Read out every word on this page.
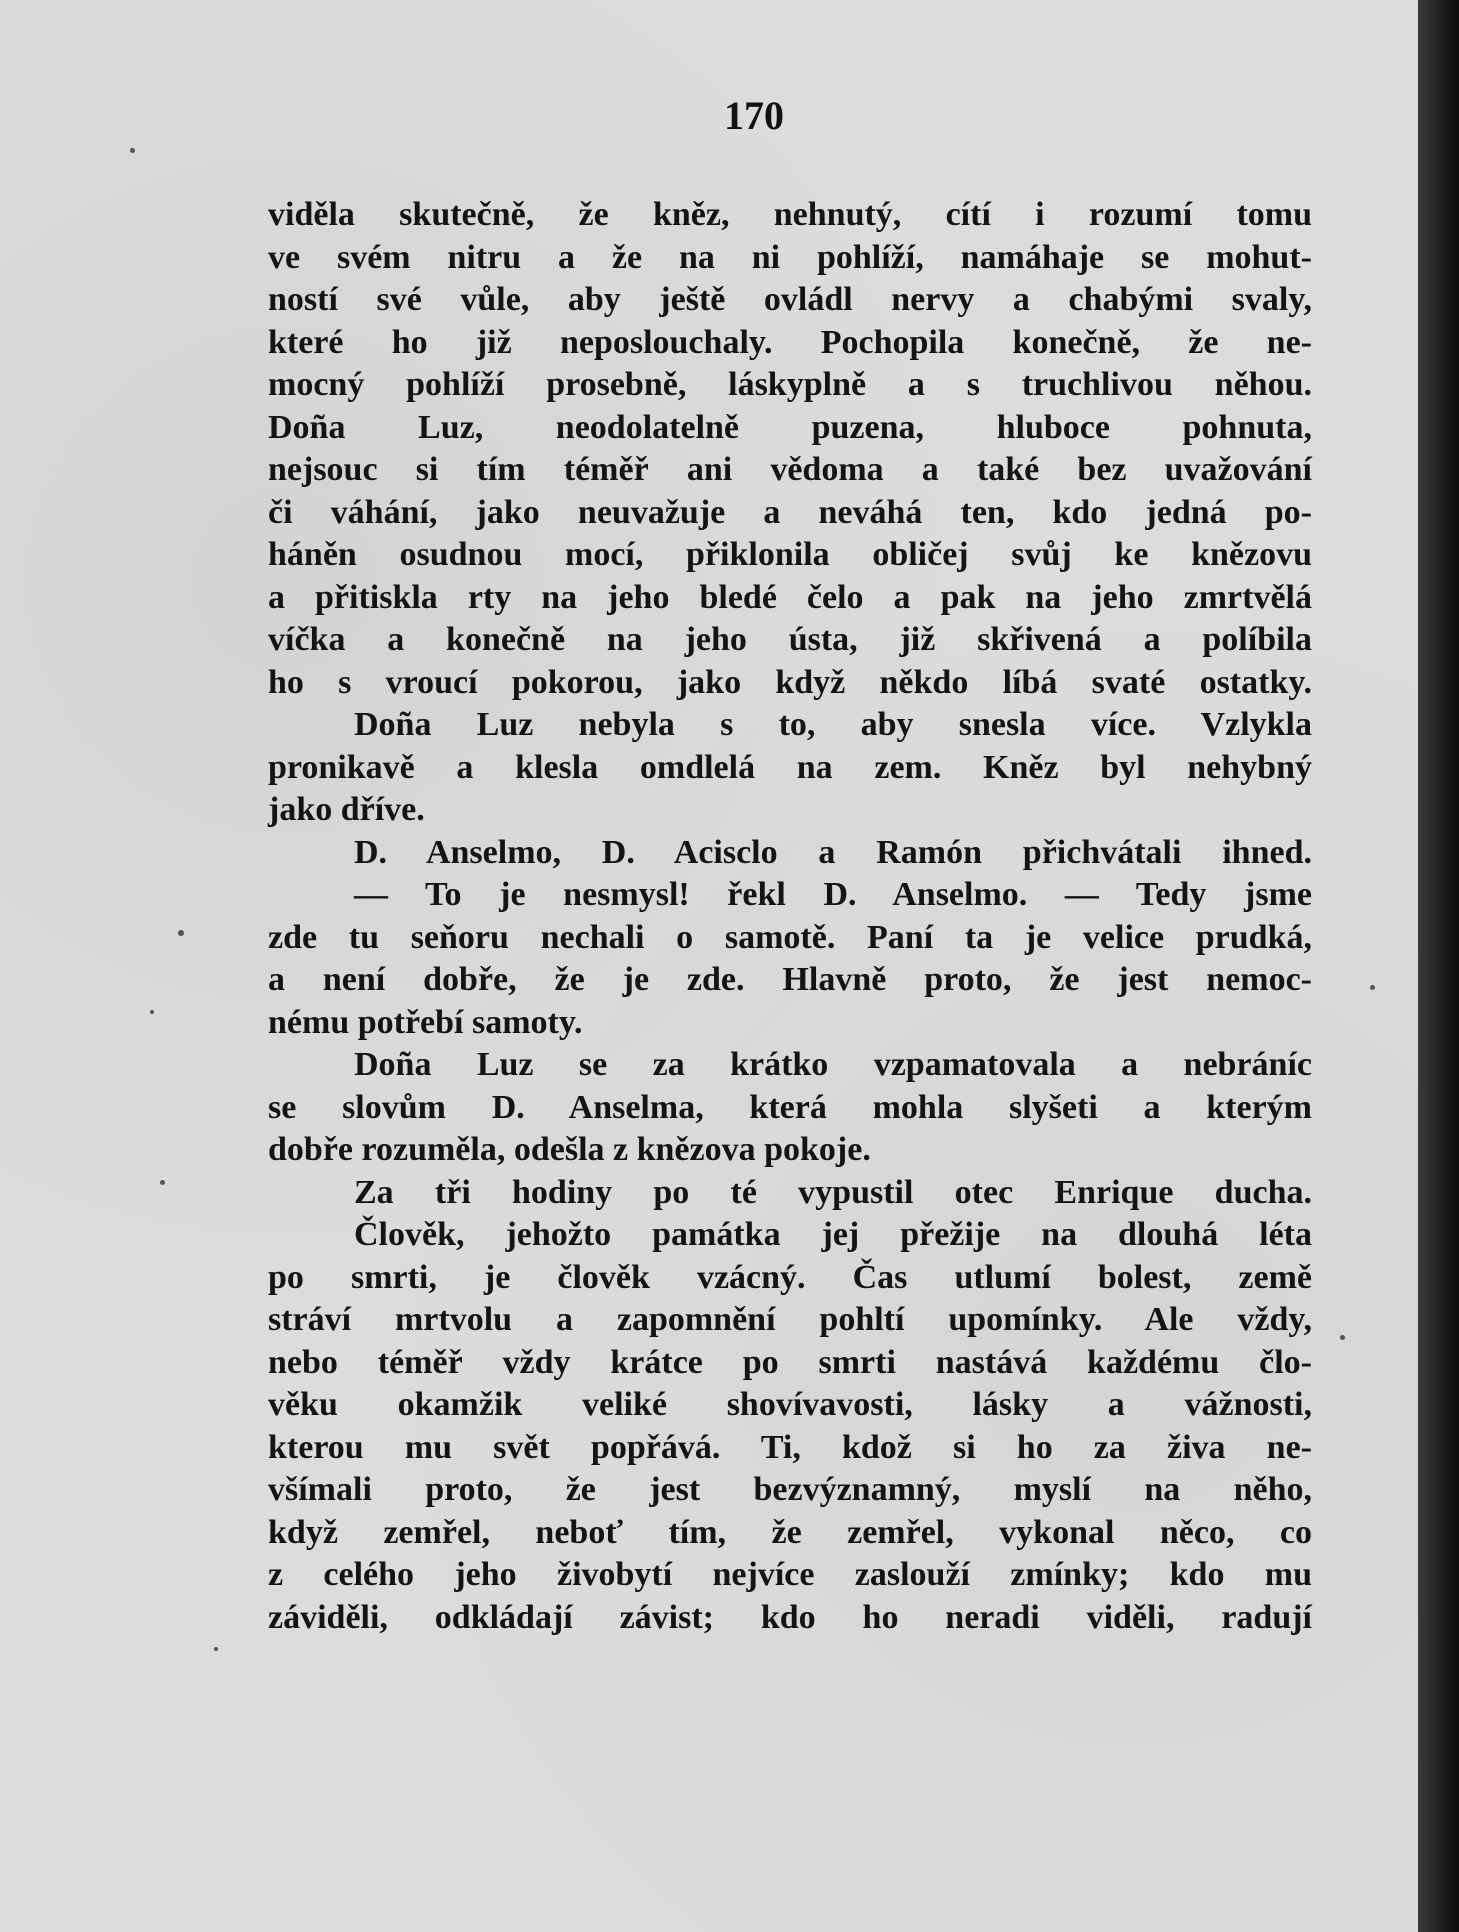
170
viděla skutečně, že kněz, nehnutý, cítí i rozumí tomu
ve svém nitru a že na ni pohlíží, namáhaje se mohut-
ností své vůle, aby ještě ovládl nervy a chabými svaly,
které ho již neposlouchaly. Pochopila konečně, že ne-
mocný pohlíží prosebně, láskyplně a s truchlivou něhou.
Doña Luz, neodolatelně puzena, hluboce pohnuta,
nejsouc si tím téměř ani vědoma a také bez uvažování
či váhání, jako neuvažuje a neváhá ten, kdo jedná po-
háněn osudnou mocí, přiklonila obličej svůj ke knězovu
a přitiskla rty na jeho bledé čelo a pak na jeho zmrtvělá
víčka a konečně na jeho ústa, již skřivená a políbila
ho s vroucí pokorou, jako když někdo líbá svaté ostatky.
Doña Luz nebyla s to, aby snesla více. Vzlykla
pronikavě a klesla omdlelá na zem. Kněz byl nehybný
jako dříve.
D. Anselmo, D. Acisclo a Ramón přichvátali ihned.
— To je nesmysl! řekl D. Anselmo. — Tedy jsme
zde tu seňoru nechali o samotě. Paní ta je velice prudká,
a není dobře, že je zde. Hlavně proto, že jest nemoc-
nému potřebí samoty.
Doña Luz se za krátko vzpamatovala a nebráníc
se slovům D. Anselma, která mohla slyšeti a kterým
dobře rozuměla, odešla z knězova pokoje.
Za tři hodiny po té vypustil otec Enrique ducha.
Člověk, jehožto památka jej přežije na dlouhá léta
po smrti, je člověk vzácný. Čas utlumí bolest, země
stráví mrtvolu a zapomnění pohltí upomínky. Ale vždy,
nebo téměř vždy krátce po smrti nastává každému člo-
věku okamžik veliké shovívavosti, lásky a vážnosti,
kterou mu svět popřává. Ti, kdož si ho za živa ne-
všímali proto, že jest bezvýznamný, myslí na něho,
když zemřel, neboť tím, že zemřel, vykonal něco, co
z celého jeho živobytí nejvíce zaslouží zmínky; kdo mu
záviděli, odkládají závist; kdo ho neradi viděli, radují
